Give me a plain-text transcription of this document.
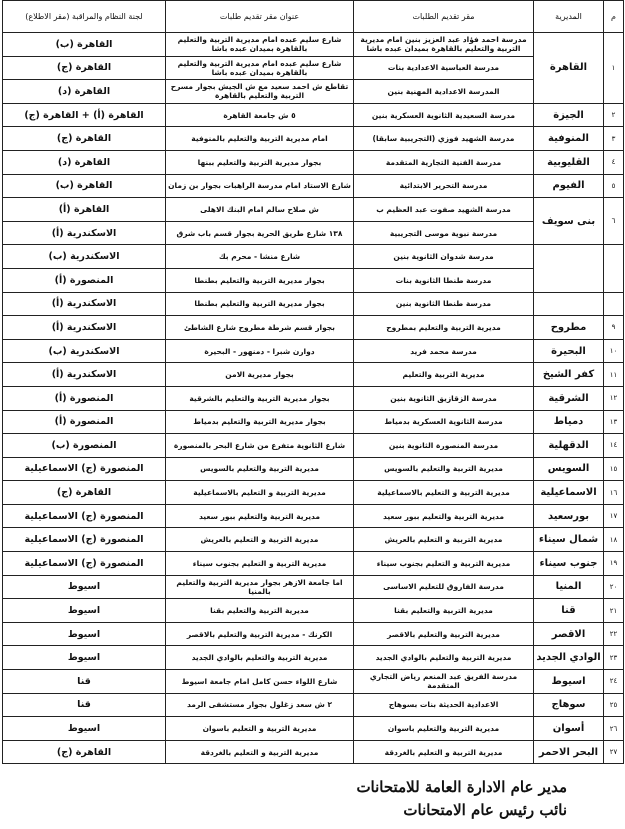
م	المديرية	مقر تقديم الطلبات	عنوان مقر تقديم طلبات	لجنة النظام والمراقبة (مقر الاطلاع)
١	القاهرة	مدرسة احمد فؤاد عبد العزيز بنين امام مديرية التربية والتعليم بالقاهرة بميدان عبده باشا	شارع سليم عبده امام مديرية التربية والتعليم بالقاهرة بميدان عبده باشا	القاهرة (ب)
		مدرسة العباسية الاعدادية بنات	شارع سليم عبده امام مديرية التربية والتعليم بالقاهرة بميدان عبده باشا	القاهرة (ج)
		المدرسة الاعدادية المهنية بنين	تقاطع ش احمد سعيد مع ش الجيش بجوار مسرح التربية والتعليم بالقاهرة	القاهرة (د)
٢	الجيزة	مدرسة السعيدية الثانوية العسكرية بنين	٥ ش جامعة القاهرة	القاهرة (أ) + القاهرة (ج)
٣	المنوفية	مدرسة الشهيد فوزي (التجريبية سابقا)	امام مديرية التربية والتعليم بالمنوفية	القاهرة (ج)
٤	القليوبية	مدرسة الفنية التجارية المتقدمة	بجوار مديرية التربية والتعليم ببنها	القاهرة (د)
٥	الفيوم	مدرسة التحرير الابتدائية	شارع الاستاد امام مدرسة الراهبات بجوار بن زمان	القاهرة (ب)
٦	بنى سويف	مدرسة الشهيد صفوت عبد العظيم ب	ش صلاح سالم امام البنك الاهلى	القاهرة (أ)
		مدرسة نبوية موسى التجريبية	١٣٨ شارع طريق الحرية بجوار قسم باب شرق	الاسكندرية (أ)
		مدرسة شدوان الثانوية بنين	شارع منشا - محرم بك	الاسكندرية (ب)
		مدرسة طنطا الثانوية بنات	بجوار مديرية التربية والتعليم بطنطا	المنصورة (أ)
		مدرسة طنطا الثانوية بنين	بجوار مديرية التربية والتعليم بطنطا	الاسكندرية (أ)
٩	مطروح	مديرية التربية والتعليم بمطروح	بجوار قسم شرطة مطروح شارع الشاطئ	الاسكندرية (أ)
١٠	البحيرة	مدرسة محمد فريد	دوارن شبرا - دمنهور - البحيرة	الاسكندرية (ب)
١١	كفر الشيخ	مديرية التربية والتعليم	بجوار مديرية الامن	الاسكندرية (أ)
١٢	الشرقية	مدرسة الزقازيق الثانوية بنين	بجوار مديرية التربية والتعليم بالشرقية	المنصورة (أ)
١٣	دمياط	مدرسة الثانوية العسكرية بدمياط	بجوار مديرية التربية والتعليم بدمياط	المنصورة (أ)
١٤	الدقهلية	مدرسة المنصورة الثانوية بنين	شارع الثانوية متفرع من شارع البحر بالمنصورة	المنصورة (ب)
١٥	السويس	مديرية التربية والتعليم بالسويس	مديرية التربية والتعليم بالسويس	المنصورة (ج) الاسماعيلية
١٦	الاسماعيلية	مديرية التربية و التعليم بالاسماعيلية	مديرية التربية و التعليم بالاسماعيلية	القاهرة (ج)
١٧	بورسعيد	مديرية التربية والتعليم ببور سعيد	مديرية التربية والتعليم ببور سعيد	المنصورة (ج) الاسماعيلية
١٨	شمال سيناء	مديرية التربية و التعليم بالعريش	مديرية التربية و التعليم بالعريش	المنصورة (ج) الاسماعيلية
١٩	جنوب سيناء	مديرية التربية و التعليم بجنوب سيناء	مديرية التربية و التعليم بجنوب سيناء	المنصورة (ج) الاسماعيلية
٢٠	المنيا	مدرسة الفاروق للتعليم الاساسى	اما جامعة الازهر بجوار مديرية التربية والتعليم بالمنيا	اسيوط
٢١	قنا	مديرية التربية والتعليم بقنا	مديرية التربية والتعليم بقنا	اسيوط
٢٢	الاقصر	مديرية التربية والتعليم بالاقصر	الكرنك - مديرية التربية والتعليم بالاقصر	اسيوط
٢٣	الوادي الجديد	مديرية التربية والتعليم بالوادي الجديد	مديرية التربية والتعليم بالوادي الجديد	اسيوط
٢٤	اسيوط	مدرسة الفريق عبد المنعم رياض التجاري المتقدمة	شارع اللواء حسن كامل امام جامعة اسيوط	قنا
٢٥	سوهاج	الاعدادية الحديثة بنات بسوهاج	٢ ش سعد زغلول بجوار مستشفى الرمد	قنا
٢٦	أسوان	مديرية التربية والتعليم باسوان	مديرية التربية و التعليم باسوان	اسيوط
٢٧	البحر الاحمر	مديرية التربية و التعليم بالغردقة	مديرية التربية و التعليم بالغردقة	القاهرة (ج)
مدير عام الادارة العامة للامتحانات
نائب رئيس عام الامتحانات
